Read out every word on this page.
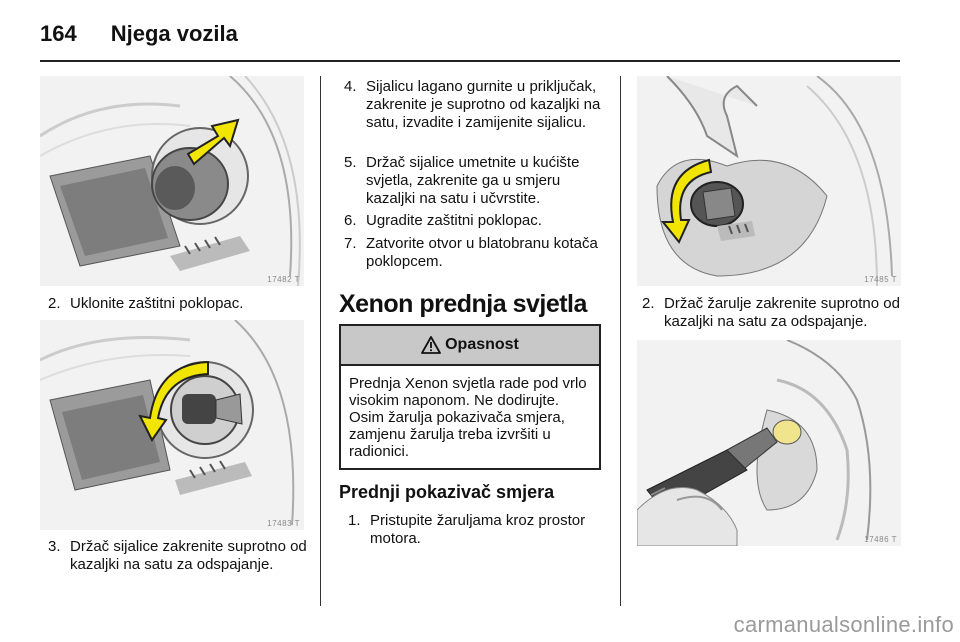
164 Njega vozila
17482 T
2. Uklonite zaštitni poklopac.
17483 T
3. Držač sijalice zakrenite suprotno od kazaljki na satu za odspajanje.
4. Sijalicu lagano gurnite u priključak, zakrenite je suprotno od kazaljki na satu, izvadite i zamijenite sijalicu.
5. Držač sijalice umetnite u kućište svjetla, zakrenite ga u smjeru kazaljki na satu i učvrstite.
6. Ugradite zaštitni poklopac.
7. Zatvorite otvor u blatobranu kotača poklopcem.
Xenon prednja svjetla
Opasnost
Prednja Xenon svjetla rade pod vrlo visokim naponom. Ne dodirujte. Osim žarulja pokazivača smjera, zamjenu žarulja treba izvršiti u radionici.
Prednji pokazivač smjera
1. Pristupite žaruljama kroz prostor motora.
17485 T
2. Držač žarulje zakrenite suprotno od kazaljki na satu za odspajanje.
17486 T
carmanualsonline.info
